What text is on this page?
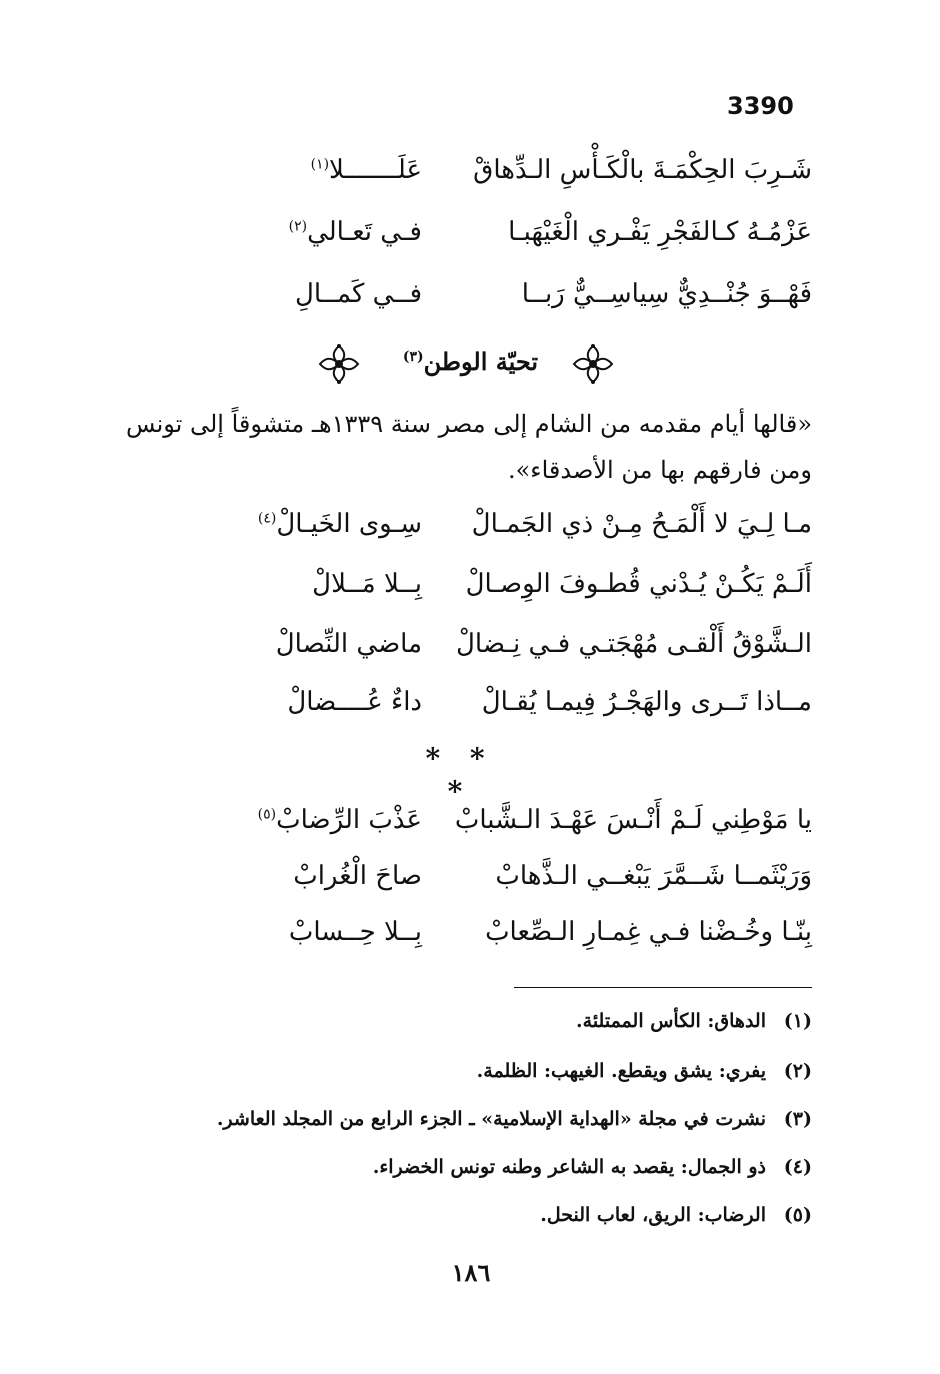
3390
شَـرِبَ الحِكْمَـةَ بالْكَـأْسِ الـدِّهاقْ
عَلَـــــــلا$^{(١)}$
عَزْمُـهُ كـالفَجْرِ يَفْـري الْغَيْهَبـا
فـي تَعـالي$^{(٢)}$
فَهْــوَ جُنْــدِيٌّ سِياسِــيٌّ رَبــا
فــي كَمــالِ
تحيّة الوطن$^{(٣)}$
«قالها أيام مقدمه من الشام إلى مصر سنة ١٣٣٩هـ متشوقاً إلى تونس
ومن فارقهم بها من الأصدقاء».
مـا لِـيَ لا أَلْمَـحُ مِـنْ ذي الجَمـالْ
سِـوى الخَيـالْ$^{(٤)}$
أَلَـمْ يَكُـنْ يُـدْني قُطـوفَ الوِصـالْ
بِــلا مَــلالْ
الـشَّوْقُ أَلْقـى مُهْجَتـي فـي نِـضالْ
ماضي النِّصالْ
مــاذا تَــرى والهَجْـرُ فِيمـا يُقـالْ
داءٌ عُــــضالْ
* * *
يا مَوْطِني لَـمْ أَنْـسَ عَهْـدَ الـشَّبابْ
عَذْبَ الرِّضابْ$^{(٥)}$
وَرَيْثَمــا شَــمَّرَ يَبْغــي الـذَّهابْ
صاحَ الْغُرابْ
بِنّـا وخُـضْنا فـي غِمـارِ الـصِّعابْ
بِــلا حِــسابْ
(١)الدهاق: الكأس الممتلئة.
(٢)يفري: يشق ويقطع. الغيهب: الظلمة.
(٣)نشرت في مجلة «الهداية الإسلامية» ـ الجزء الرابع من المجلد العاشر.
(٤)ذو الجمال: يقصد به الشاعر وطنه تونس الخضراء.
(٥)الرضاب: الريق، لعاب النحل.
١٨٦
